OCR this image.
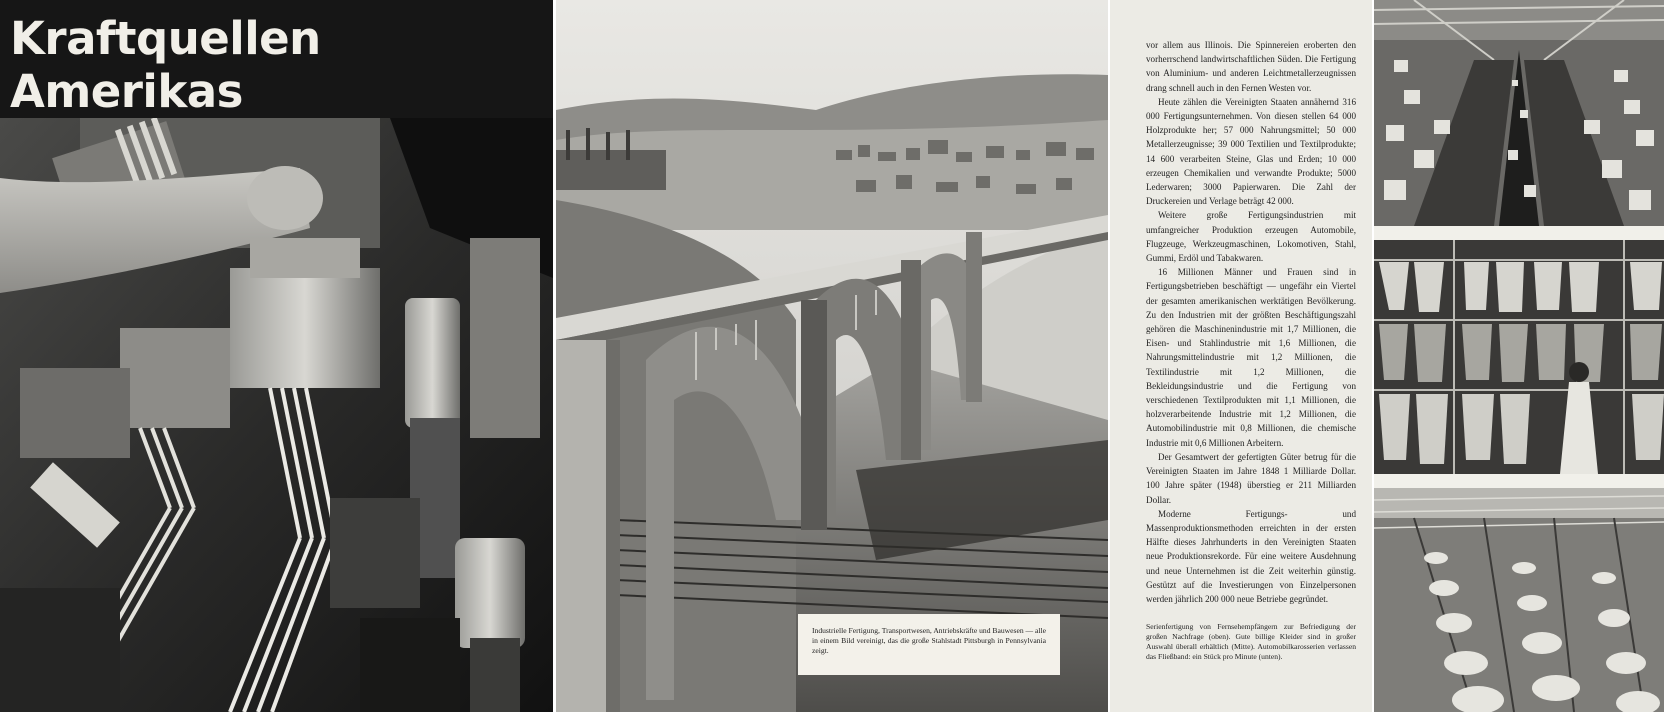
Kraftquellen Amerikas
Industrielle Fertigung, Transportwesen, Antriebskräfte und Bauwesen — alle in einem Bild vereinigt, das die große Stahlstadt Pittsburgh in Pennsylvania zeigt.

vor allem aus Illinois. Die Spinnereien eroberten den vorherrschend landwirtschaftlichen Süden. Die Fertigung von Aluminium- und anderen Leichtmetallerzeugnissen drang schnell auch in den Fernen Westen vor.

Heute zählen die Vereinigten Staaten annähernd 316 000 Fertigungsunternehmen. Von diesen stellen 64 000 Holzprodukte her; 57 000 Nahrungsmittel; 50 000 Metallerzeugnisse; 39 000 Textilien und Textilprodukte; 14 600 verarbeiten Steine, Glas und Erden; 10 000 erzeugen Chemikalien und verwandte Produkte; 5000 Lederwaren; 3000 Papierwaren. Die Zahl der Druckereien und Verlage beträgt 42 000.

Weitere große Fertigungsindustrien mit umfangreicher Produktion erzeugen Automobile, Flugzeuge, Werkzeugmaschinen, Lokomotiven, Stahl, Gummi, Erdöl und Tabakwaren.

16 Millionen Männer und Frauen sind in Fertigungsbetrieben beschäftigt — ungefähr ein Viertel der gesamten amerikanischen werktätigen Bevölkerung. Zu den Industrien mit der größten Beschäftigungszahl gehören die Maschinenindustrie mit 1,7 Millionen, die Eisen- und Stahlindustrie mit 1,6 Millionen, die Nahrungsmittelindustrie mit 1,2 Millionen, die Textilindustrie mit 1,2 Millionen, die Bekleidungsindustrie und die Fertigung von verschiedenen Textilprodukten mit 1,1 Millionen, die holzverarbeitende Industrie mit 1,2 Millionen, die Automobilindustrie mit 0,8 Millionen, die chemische Industrie mit 0,6 Millionen Arbeitern.

Der Gesamtwert der gefertigten Güter betrug für die Vereinigten Staaten im Jahre 1848 1 Milliarde Dollar. 100 Jahre später (1948) überstieg er 211 Milliarden Dollar.

Moderne Fertigungs- und Massenproduktionsmethoden erreichten in der ersten Hälfte dieses Jahrhunderts in den Vereinigten Staaten neue Produktionsrekorde. Für eine weitere Ausdehnung und neue Unternehmen ist die Zeit weiterhin günstig. Gestützt auf die Investierungen von Einzelpersonen werden jährlich 200 000 neue Betriebe gegründet.

Serienfertigung von Fernsehempfängern zur Befriedigung der großen Nachfrage (oben). Gute billige Kleider sind in großer Auswahl überall erhältlich (Mitte). Automobilkarosserien verlassen das Fließband: ein Stück pro Minute (unten).
